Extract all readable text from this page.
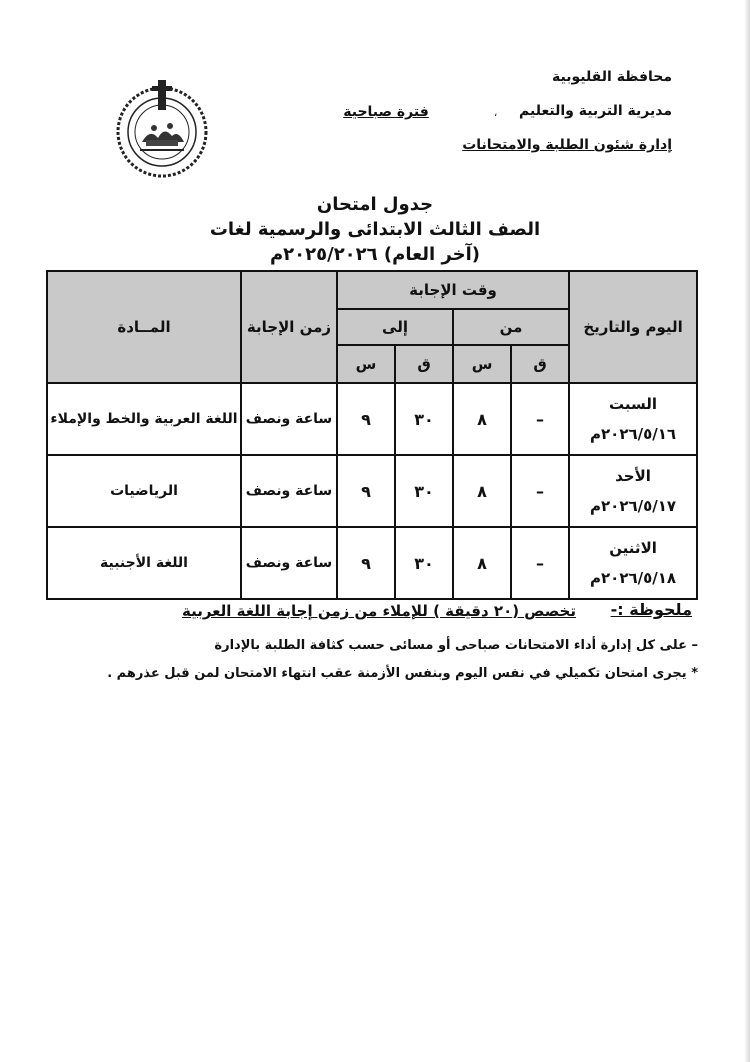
محافظة القليوبية
مديرية التربية والتعليم
إدارة شئون الطلبة والامتحانات
،
فترة صباحية
جدول امتحان
الصف الثالث الابتدائى والرسمية لغات
(آخر العام) ٢٠٢٥/٢٠٢٦م
اليوم والتاريخ	وقت الإجابة				زمن الإجابة	المــادة
	من		إلى			
	ق	س	ق	س		

السبت
٢٠٢٦/٥/١٦م	–	٨	٣٠	٩	ساعة ونصف	اللغة العربية والخط والإملاء

الأحد
٢٠٢٦/٥/١٧م	–	٨	٣٠	٩	ساعة ونصف	الرياضيات

الاثنين
٢٠٢٦/٥/١٨م	–	٨	٣٠	٩	ساعة ونصف	اللغة الأجنبية
ملحوظة :-
تخصص (٢٠ دقيقة ) للإملاء من زمن إجابة اللغة العربية
– على كل إدارة أداء الامتحانات صباحى أو مسائى حسب كثافة الطلبة بالإدارة
* يجرى امتحان تكميلي في نفس اليوم وبنفس الأزمنة عقب انتهاء الامتحان لمن قبل عذرهم .
